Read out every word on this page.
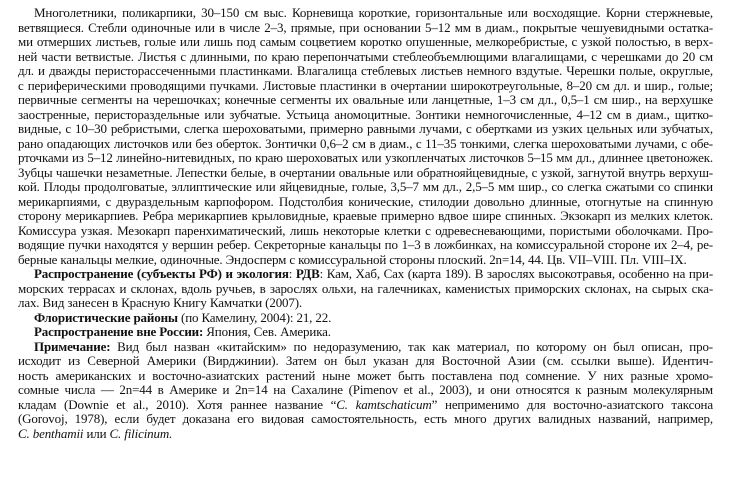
Многолетники, поликарпики, 30–150 см выс. Корневища короткие, горизонтальные или восходящие. Корни стержневые,
ветвящиеся. Стебли одиночные или в числе 2–3, прямые, при основании 5–12 мм в диам., покрытые чешуевидными остатка-
ми отмерших листьев, голые или лишь под самым соцветием коротко опушенные, мелкоребристые, с узкой полостью, в верх-
ней части ветвистые. Листья с длинными, по краю перепончатыми стеблеобъемлющими влагалищами, с черешками до 20 см
дл. и дважды перисторассеченными пластинками. Влагалища стеблевых листьев немного вздутые. Черешки полые, округлые,
с периферическими проводящими пучками. Листовые пластинки в очертании широкотреугольные, 8–20 см дл. и шир., голые;
первичные сегменты на черешочках; конечные сегменты их овальные или ланцетные, 1–3 см дл., 0,5–1 см шир., на верхушке
заостренные, перистораздельные или зубчатые. Устьица аномоцитные. Зонтики немногочисленные, 4–12 см в диам., щитко-
видные, с 10–30 ребристыми, слегка шероховатыми, примерно равными лучами, с обертками из узких цельных или зубчатых,
рано опадающих листочков или без оберток. Зонтички 0,6–2 см в диам., с 11–35 тонкими, слегка шероховатыми лучами, с обе-
рточками из 5–12 линейно-нитевидных, по краю шероховатых или узкопленчатых листочков 5–15 мм дл., длиннее цветоножек.
Зубцы чашечки незаметные. Лепестки белые, в очертании овальные или обратнояйцевидные, с узкой, загнутой внутрь верхуш-
кой. Плоды продолговатые, эллиптические или яйцевидные, голые, 3,5–7 мм дл., 2,5–5 мм шир., со слегка сжатыми со спинки
мерикарпиями, с двураздельным карпофором. Подстолбия конические, стилодии довольно длинные, отогнутые на спинную
сторону мерикарпиев. Ребра мерикарпиев крыловидные, краевые примерно вдвое шире спинных. Экзокарп из мелких клеток.
Комиссура узкая. Мезокарп паренхиматический, лишь некоторые клетки с одревесневающими, пористыми оболочками. Про-
водящие пучки находятся у вершин ребер. Секреторные канальцы по 1–3 в ложбинках, на комиссуральной стороне их 2–4, ре-
берные канальцы мелкие, одиночные. Эндосперм с комиссуральной стороны плоский. 2n=14, 44. Цв. VII–VIII. Пл. VIII–IX.
Распространение (субъекты РФ) и экология: РДВ: Кам, Хаб, Сах (карта 189). В зарослях высокотравья, особенно на при-
морских террасах и склонах, вдоль ручьев, в зарослях ольхи, на галечниках, каменистых приморских склонах, на сырых ска-
лах. Вид занесен в Красную Книгу Камчатки (2007).
Флористические районы (по Камелину, 2004): 21, 22.
Распространение вне России: Япония, Сев. Америка.
Примечание: Вид был назван «китайским» по недоразумению, так как материал, по которому он был описан, про-
исходит из Северной Америки (Вирджинии). Затем он был указан для Восточной Азии (см. ссылки выше). Идентич-
ность американских и восточно-азиатских растений ныне может быть поставлена под сомнение. У них разные хромо-
сомные числа — 2n=44 в Америке и 2n=14 на Сахалине (Pimenov et al., 2003), и они относятся к разным молекулярным
кладам (Downie et al., 2010). Хотя раннее название “C. kamtschaticum” неприменимо для восточно-азиатского таксона
(Gorovoj, 1978), если будет доказана его видовая самостоятельность, есть много других валидных названий, например,
C. benthamii или C. filicinum.
